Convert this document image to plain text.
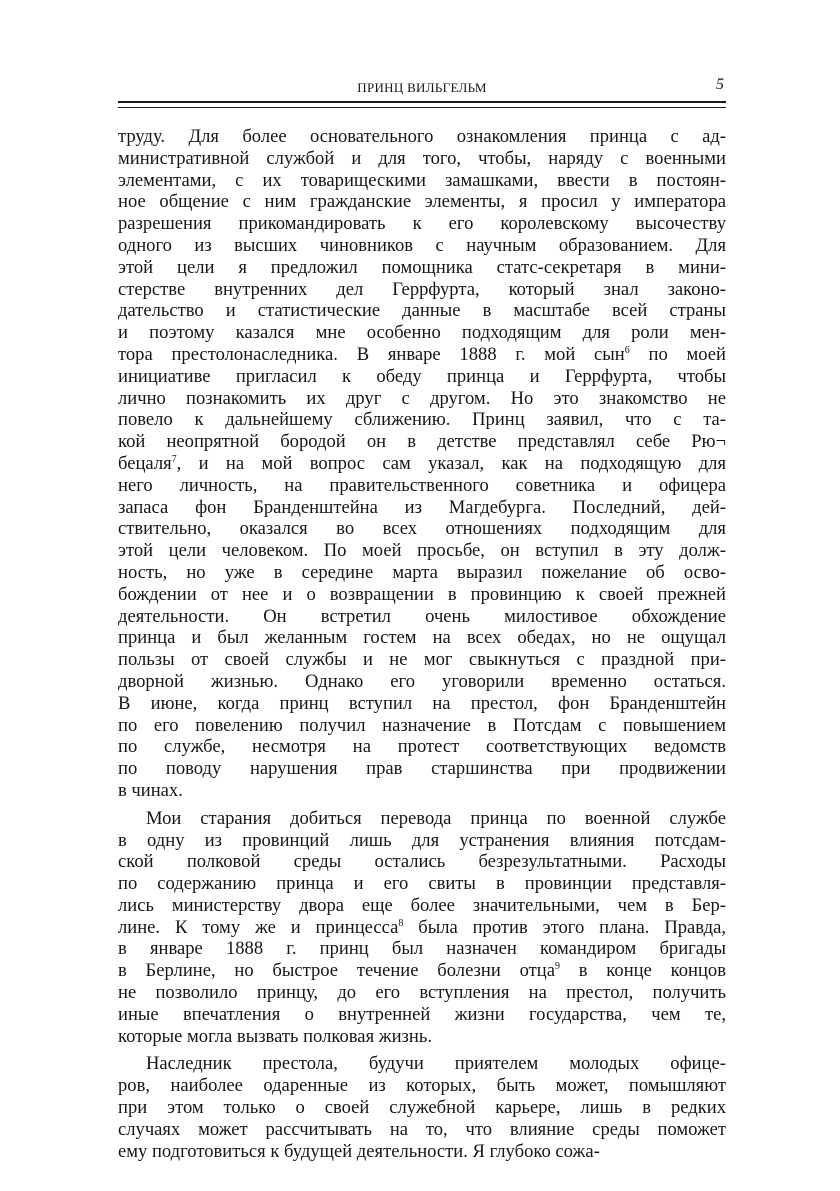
ПРИНЦ ВИЛЬГЕЛЬМ	5
труду. Для более основательного ознакомления принца с ад-
министративной службой и для того, чтобы, наряду с военными
элементами, с их товарищескими замашками, ввести в постоян-
ное общение с ним гражданские элементы, я просил у императора
разрешения прикомандировать к его королевскому высочеству
одного из высших чиновников с научным образованием. Для
этой цели я предложил помощника статс-секретаря в мини-
стерстве внутренних дел Геррфурта, который знал законо-
дательство и статистические данные в масштабе всей страны
и поэтому казался мне особенно подходящим для роли мен-
тора престолонаследника. В январе 1888 г. мой сын$^6$ по моей
инициативе пригласил к обеду принца и Геррфурта, чтобы
лично познакомить их друг с другом. Но это знакомство не
повело к дальнейшему сближению. Принц заявил, что с та-
кой неопрятной бородой он в детстве представлял себе Рю¬
бецаля$^7$, и на мой вопрос сам указал, как на подходящую для
него личность, на правительственного советника и офицера
запаса фон Бранденштейна из Магдебурга. Последний, дей-
ствительно, оказался во всех отношениях подходящим для
этой цели человеком. По моей просьбе, он вступил в эту долж-
ность, но уже в середине марта выразил пожелание об осво-
бождении от нее и о возвращении в провинцию к своей прежней
деятельности. Он встретил очень милостивое обхождение
принца и был желанным гостем на всех обедах, но не ощущал
пользы от своей службы и не мог свыкнуться с праздной при-
дворной жизнью. Однако его уговорили временно остаться.
В июне, когда принц вступил на престол, фон Бранденштейн
по его повелению получил назначение в Потсдам с повышением
по службе, несмотря на протест соответствующих ведомств
по поводу нарушения прав старшинства при продвижении
в чинах.
Мои старания добиться перевода принца по военной службе
в одну из провинций лишь для устранения влияния потсдам-
ской полковой среды остались безрезультатными. Расходы
по содержанию принца и его свиты в провинции представля-
лись министерству двора еще более значительными, чем в Бер-
лине. К тому же и принцесса$^8$ была против этого плана. Правда,
в январе 1888 г. принц был назначен командиром бригады
в Берлине, но быстрое течение болезни отца$^9$ в конце концов
не позволило принцу, до его вступления на престол, получить
иные впечатления о внутренней жизни государства, чем те,
которые могла вызвать полковая жизнь.
Наследник престола, будучи приятелем молодых офице-
ров, наиболее одаренные из которых, быть может, помышляют
при этом только о своей служебной карьере, лишь в редких
случаях может рассчитывать на то, что влияние среды поможет
ему подготовиться к будущей деятельности. Я глубоко сожа-
